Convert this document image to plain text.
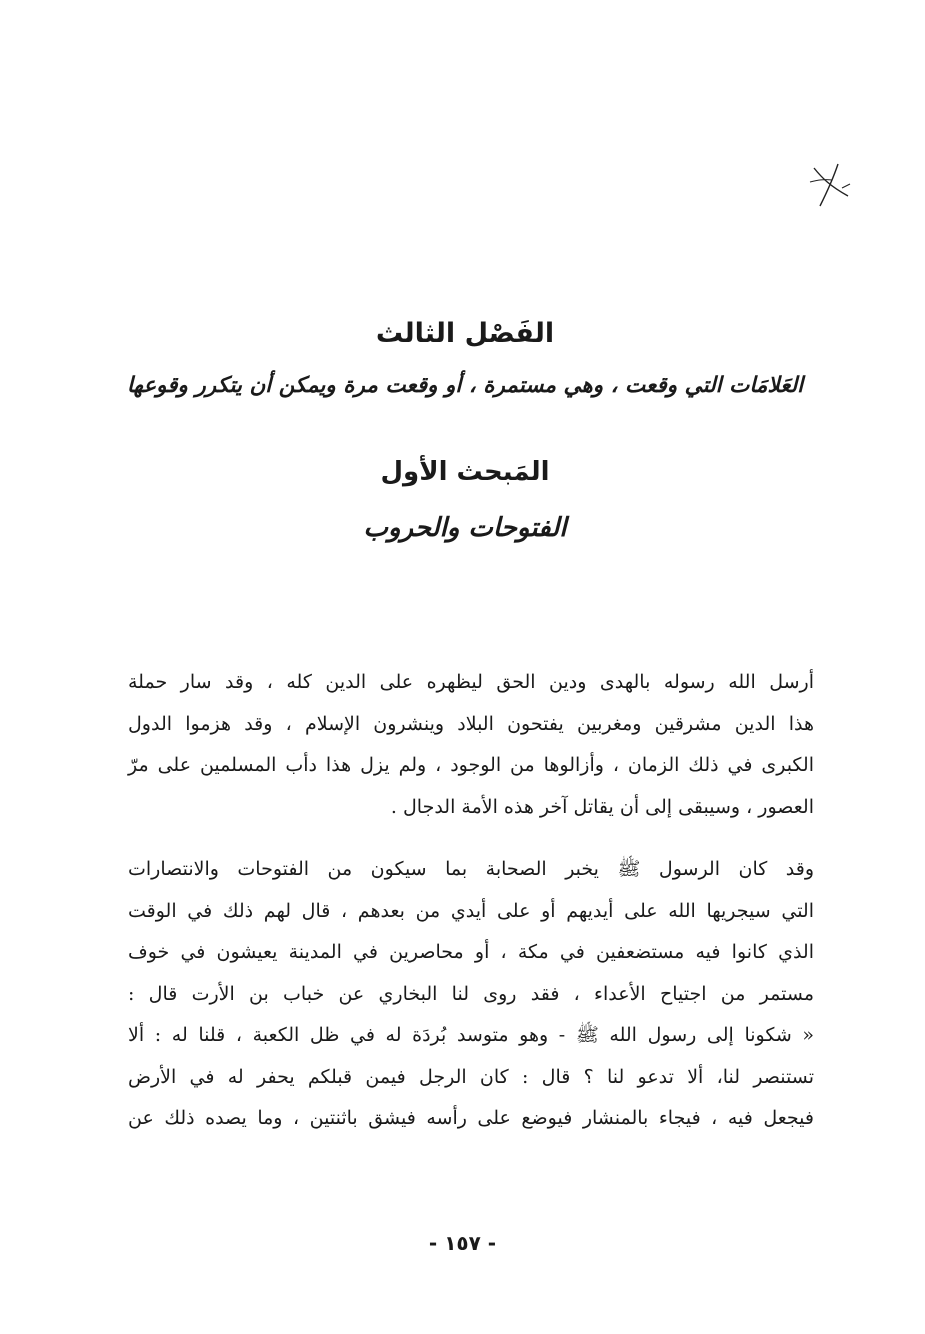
الفَصْل الثالث
العَلامَات التي وقعت ، وهي مستمرة ، أو وقعت مرة ويمكن أن يتكرر وقوعها
المَبحث الأول
الفتوحات والحروب

أرسل الله رسوله بالهدى ودين الحق ليظهره على الدين كله ، وقد سار حملة
هذا الدين مشرقين ومغربين يفتحون البلاد وينشرون الإسلام ، وقد هزموا الدول
الكبرى في ذلك الزمان ، وأزالوها من الوجود ، ولم يزل هذا دأب المسلمين على مرّ
العصور ، وسيبقى إلى أن يقاتل آخر هذه الأمة الدجال .

وقد كان الرسول ﷺ يخبر الصحابة بما سيكون من الفتوحات والانتصارات
التي سيجريها الله على أيديهم أو على أيدي من بعدهم ، قال لهم ذلك في الوقت
الذي كانوا فيه مستضعفين في مكة ، أو محاصرين في المدينة يعيشون في خوف
مستمر من اجتياح الأعداء ، فقد روى لنا البخاري عن خباب بن الأرت قال :
« شكونا إلى رسول الله ﷺ - وهو متوسد بُردَة له في ظل الكعبة ، قلنا له : ألا
تستنصر لنا، ألا تدعو لنا ؟ قال : كان الرجل فيمن قبلكم يحفر له في الأرض
فيجعل فيه ، فيجاء بالمنشار فيوضع على رأسه فيشق باثنتين ، وما يصده ذلك عن

- ١٥٧ -
